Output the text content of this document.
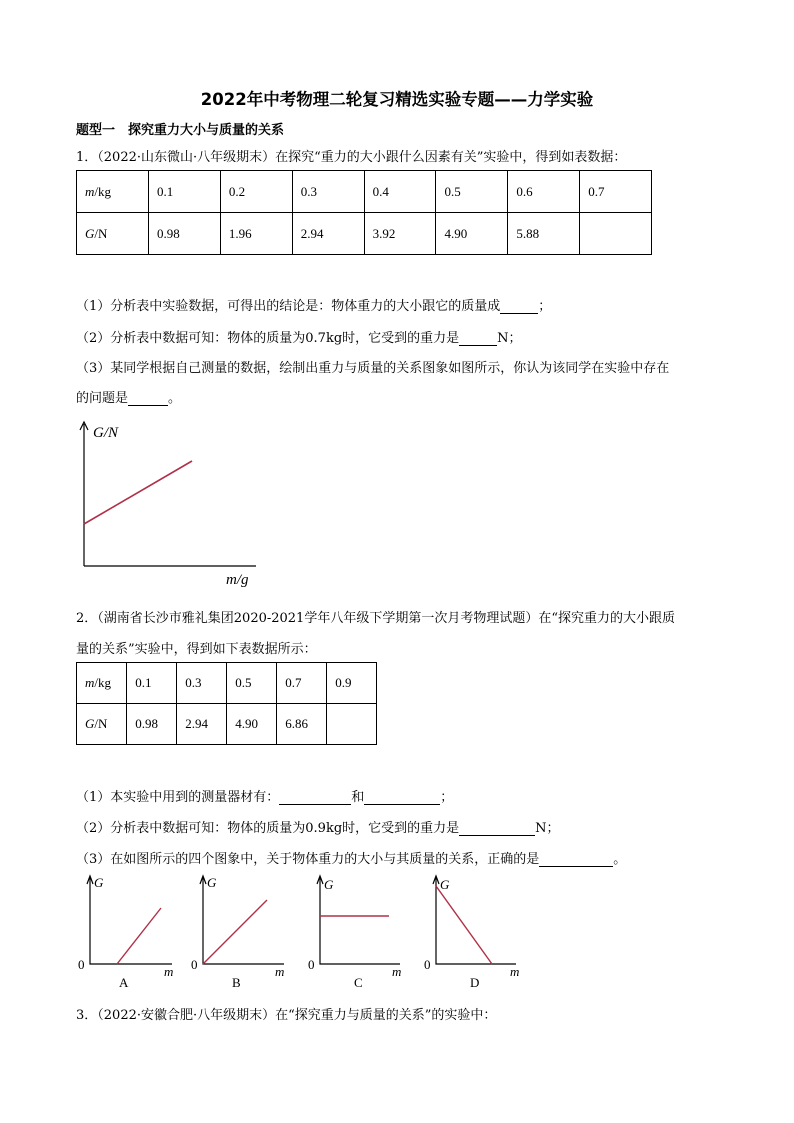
2022年中考物理二轮复习精选实验专题——力学实验
题型一　探究重力大小与质量的关系
1．（2022·山东微山·八年级期末）在探究“重力的大小跟什么因素有关”实验中，得到如表数据：
m/kg	0.1	0.2	0.3	0.4	0.5	0.6	0.7
G/N	0.98	1.96	2.94	3.92	4.90	5.88	
（1）分析表中实验数据，可得出的结论是：物体重力的大小跟它的质量成	；
（2）分析表中数据可知：物体的质量为0.7kg时，它受到的重力是	N；
（3）某同学根据自己测量的数据，绘制出重力与质量的关系图象如图所示，你认为该同学在实验中存在
的问题是	。
G/N
m/g
2．（湖南省长沙市雅礼集团2020-2021学年八年级下学期第一次月考物理试题）在“探究重力的大小跟质
量的关系”实验中，得到如下表数据所示：
m/kg	0.1	0.3	0.5	0.7	0.9
G/N	0.98	2.94	4.90	6.86	
（1）本实验中用到的测量器材有：	和	；
（2）分析表中数据可知：物体的质量为0.9kg时，它受到的重力是	N；
（3）在如图所示的四个图象中，关于物体重力的大小与其质量的关系，正确的是	。
G	G	G	G
m	m	m	m
0	0	0	0
A	B	C	D
3．（2022·安徽合肥·八年级期末）在“探究重力与质量的关系”的实验中：
